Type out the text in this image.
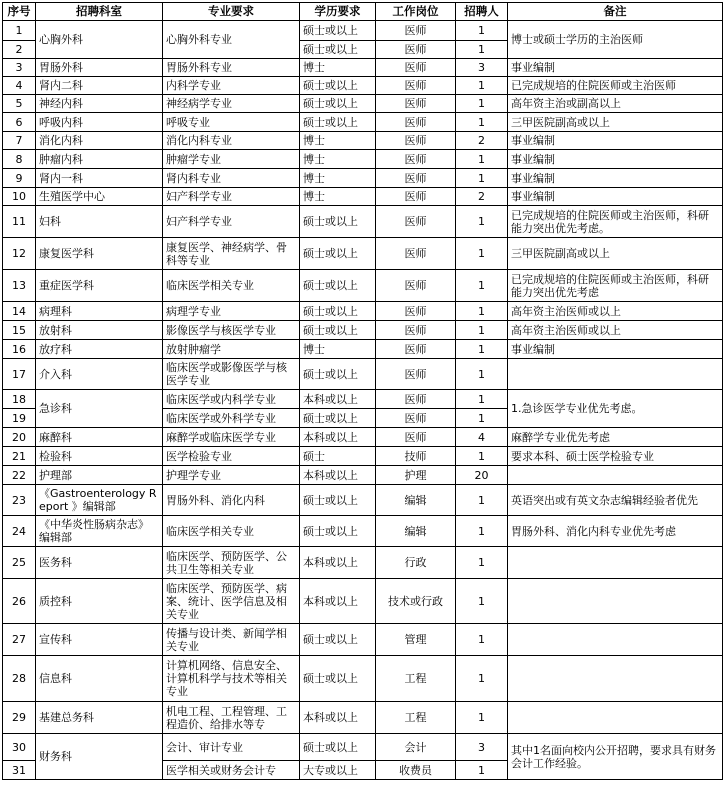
序号	招聘科室	专业要求	学历要求	工作岗位	招聘人	备注
1	心胸外科	心胸外科专业	硕士或以上	医师	1	博士或硕士学历的主治医师
2			硕士或以上	医师	1	
3	胃肠外科	胃肠外科专业	博士	医师	3	事业编制
4	肾内二科	内科学专业	硕士或以上	医师	1	已完成规培的住院医师或主治医师
5	神经内科	神经病学专业	硕士或以上	医师	1	高年资主治或副高以上
6	呼吸内科	呼吸专业	硕士或以上	医师	1	三甲医院副高或以上
7	消化内科	消化内科专业	博士	医师	2	事业编制
8	肿瘤内科	肿瘤学专业	博士	医师	1	事业编制
9	肾内一科	肾内科专业	博士	医师	1	事业编制
10	生殖医学中心	妇产科学专业	博士	医师	2	事业编制
11	妇科	妇产科学专业	硕士或以上	医师	1	已完成规培的住院医师或主治医师，科研能力突出优先考虑。
12	康复医学科	康复医学、神经病学、骨科等专业	硕士或以上	医师	1	三甲医院副高或以上
13	重症医学科	临床医学相关专业	硕士或以上	医师	1	已完成规培的住院医师或主治医师，科研能力突出优先考虑
14	病理科	病理学专业	硕士或以上	医师	1	高年资主治医师或以上
15	放射科	影像医学与核医学专业	硕士或以上	医师	1	高年资主治医师或以上
16	放疗科	放射肿瘤学	博士	医师	1	事业编制
17	介入科	临床医学或影像医学与核医学专业	硕士或以上	医师	1	
18	急诊科	临床医学或内科学专业	本科或以上	医师	1	1.急诊医学专业优先考虑。
19		临床医学或外科学专业	硕士或以上	医师	1	
20	麻醉科	麻醉学或临床医学专业	本科或以上	医师	4	麻醉学专业优先考虑
21	检验科	医学检验专业	硕士	技师	1	要求本科、硕士医学检验专业
22	护理部	护理学专业	本科或以上	护理	20	
23	《Gastroenterology Report 》编辑部	胃肠外科、消化内科	硕士或以上	编辑	1	英语突出或有英文杂志编辑经验者优先
24	《中华炎性肠病杂志》编辑部	临床医学相关专业	硕士或以上	编辑	1	胃肠外科、消化内科专业优先考虑
25	医务科	临床医学、预防医学、公共卫生等相关专业	本科或以上	行政	1	
26	质控科	临床医学、预防医学、病案、统计、医学信息及相关专业	本科或以上	技术或行政	1	
27	宣传科	传播与设计类、新闻学相关专业	硕士或以上	管理	1	
28	信息科	计算机网络、信息安全、计算机科学与技术等相关专业	硕士或以上	工程	1	
29	基建总务科	机电工程、工程管理、工程造价、给排水等专	本科或以上	工程	1	
30	财务科	会计、审计专业	硕士或以上	会计	3	其中1名面向校内公开招聘，要求具有财务会计工作经验。
31		医学相关或财务会计专	大专或以上	收费员	1	
